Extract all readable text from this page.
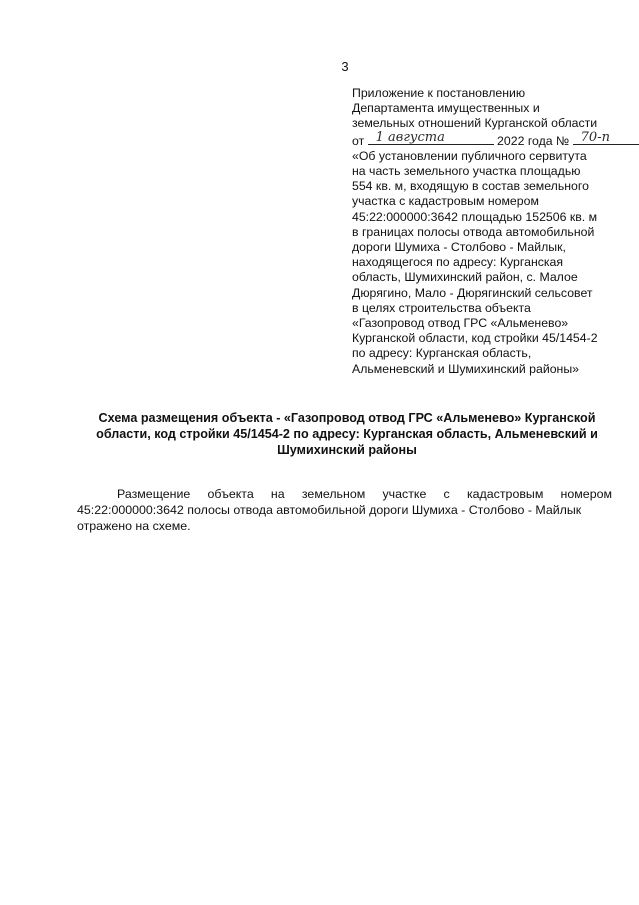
3
Приложение к постановлению
Департамента имущественных и
земельных отношений Курганской области
от 1 августа	2022 года № 70-п
«Об установлении публичного сервитута
на часть земельного участка площадью
554 кв. м, входящую в состав земельного
участка с кадастровым номером
45:22:000000:3642 площадью 152506 кв. м
в границах полосы отвода автомобильной
дороги Шумиха - Столбово - Майлык,
находящегося по адресу: Курганская
область, Шумихинский район, с. Малое
Дюрягино, Мало - Дюрягинский сельсовет
в целях строительства объекта
«Газопровод отвод ГРС «Альменево»
Курганской области, код стройки 45/1454-2
по адресу: Курганская область,
Альменевский и Шумихинский районы»
Схема размещения объекта - «Газопровод отвод ГРС «Альменево» Курганской
области, код стройки 45/1454-2 по адресу: Курганская область, Альменевский и
Шумихинский районы
Размещение объекта на земельном участке с кадастровым номером
45:22:000000:3642 полосы отвода автомобильной дороги Шумиха - Столбово - Майлык
отражено на схеме.
